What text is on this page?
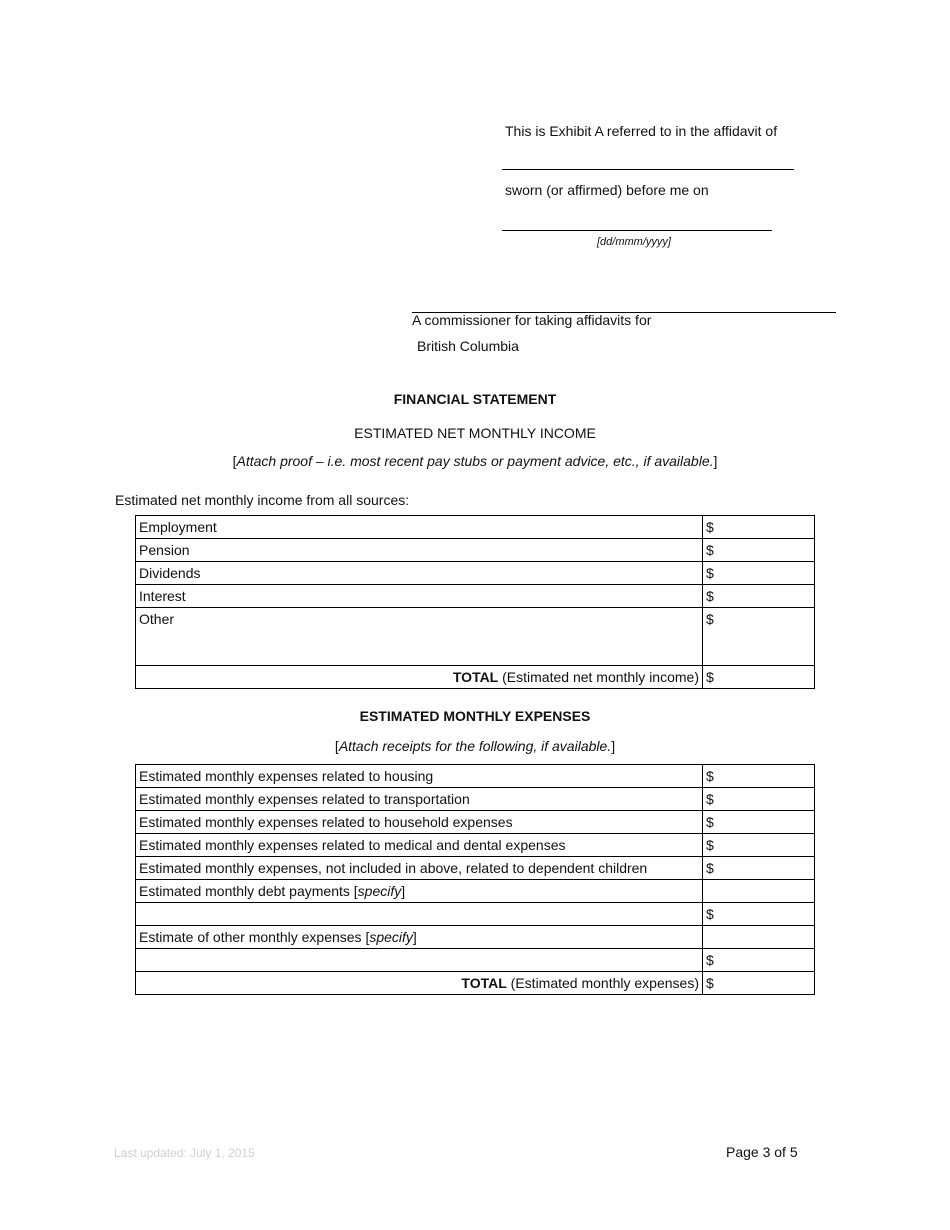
This is Exhibit A referred to in the affidavit of
sworn (or affirmed) before me on
[dd/mmm/yyyy]
A commissioner for taking affidavits for
British Columbia
FINANCIAL STATEMENT
ESTIMATED NET MONTHLY INCOME
[Attach proof – i.e. most recent pay stubs or payment advice, etc., if available.]
Estimated net monthly income from all sources:
Employment	$
Pension	$
Dividends	$
Interest	$
Other	$
TOTAL (Estimated net monthly income)	$
ESTIMATED MONTHLY EXPENSES
[Attach receipts for the following, if available.]
Estimated monthly expenses related to housing	$
Estimated monthly expenses related to transportation	$
Estimated monthly expenses related to household expenses	$
Estimated monthly expenses related to medical and dental expenses	$
Estimated monthly expenses, not included in above, related to dependent children	$
Estimated monthly debt payments [specify]	
	$
Estimate of other monthly expenses [specify]	
	$
TOTAL (Estimated monthly expenses)	$
Last updated: July 1, 2015	Page 3 of 5
